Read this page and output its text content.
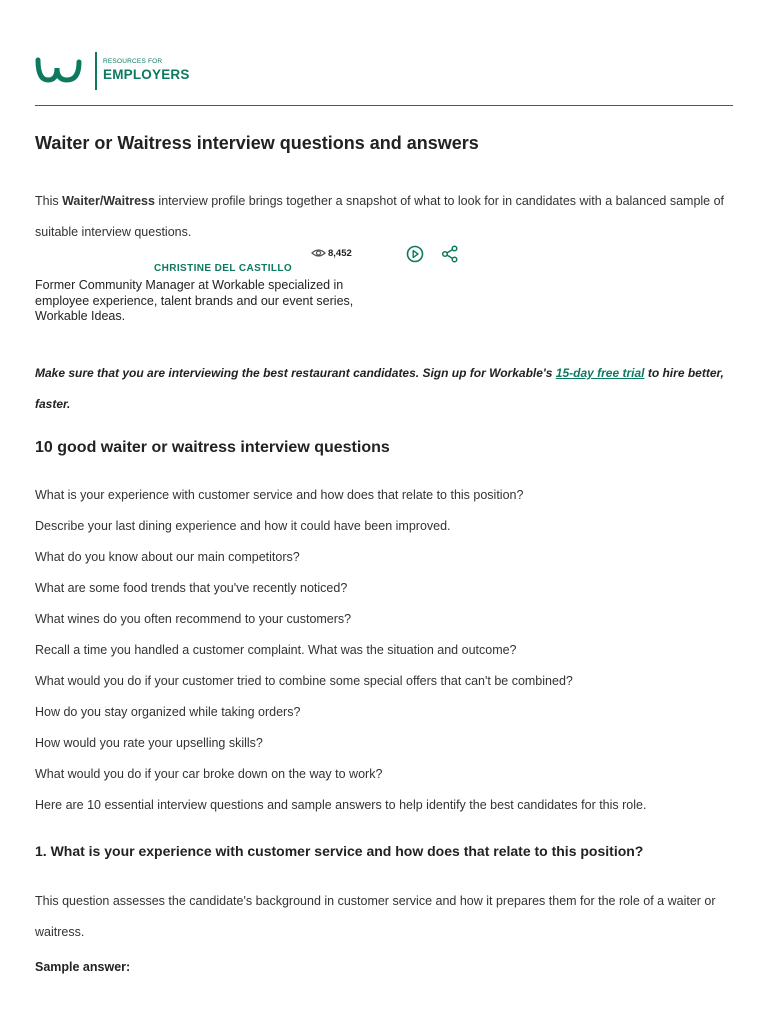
RESOURCES FOR
EMPLOYERS
Waiter or Waitress interview questions and answers
This Waiter/Waitress interview profile brings together a snapshot of what to look for in candidates with a balanced sample of suitable interview questions.
8,452
CHRISTINE DEL CASTILLO
Former Community Manager at Workable specialized in employee experience, talent brands and our event series, Workable Ideas.
Make sure that you are interviewing the best restaurant candidates. Sign up for Workable's 15-day free trial to hire better, faster.
10 good waiter or waitress interview questions
What is your experience with customer service and how does that relate to this position?
Describe your last dining experience and how it could have been improved.
What do you know about our main competitors?
What are some food trends that you've recently noticed?
What wines do you often recommend to your customers?
Recall a time you handled a customer complaint. What was the situation and outcome?
What would you do if your customer tried to combine some special offers that can't be combined?
How do you stay organized while taking orders?
How would you rate your upselling skills?
What would you do if your car broke down on the way to work?
Here are 10 essential interview questions and sample answers to help identify the best candidates for this role.
1. What is your experience with customer service and how does that relate to this position?
This question assesses the candidate's background in customer service and how it prepares them for the role of a waiter or waitress.
Sample answer:
